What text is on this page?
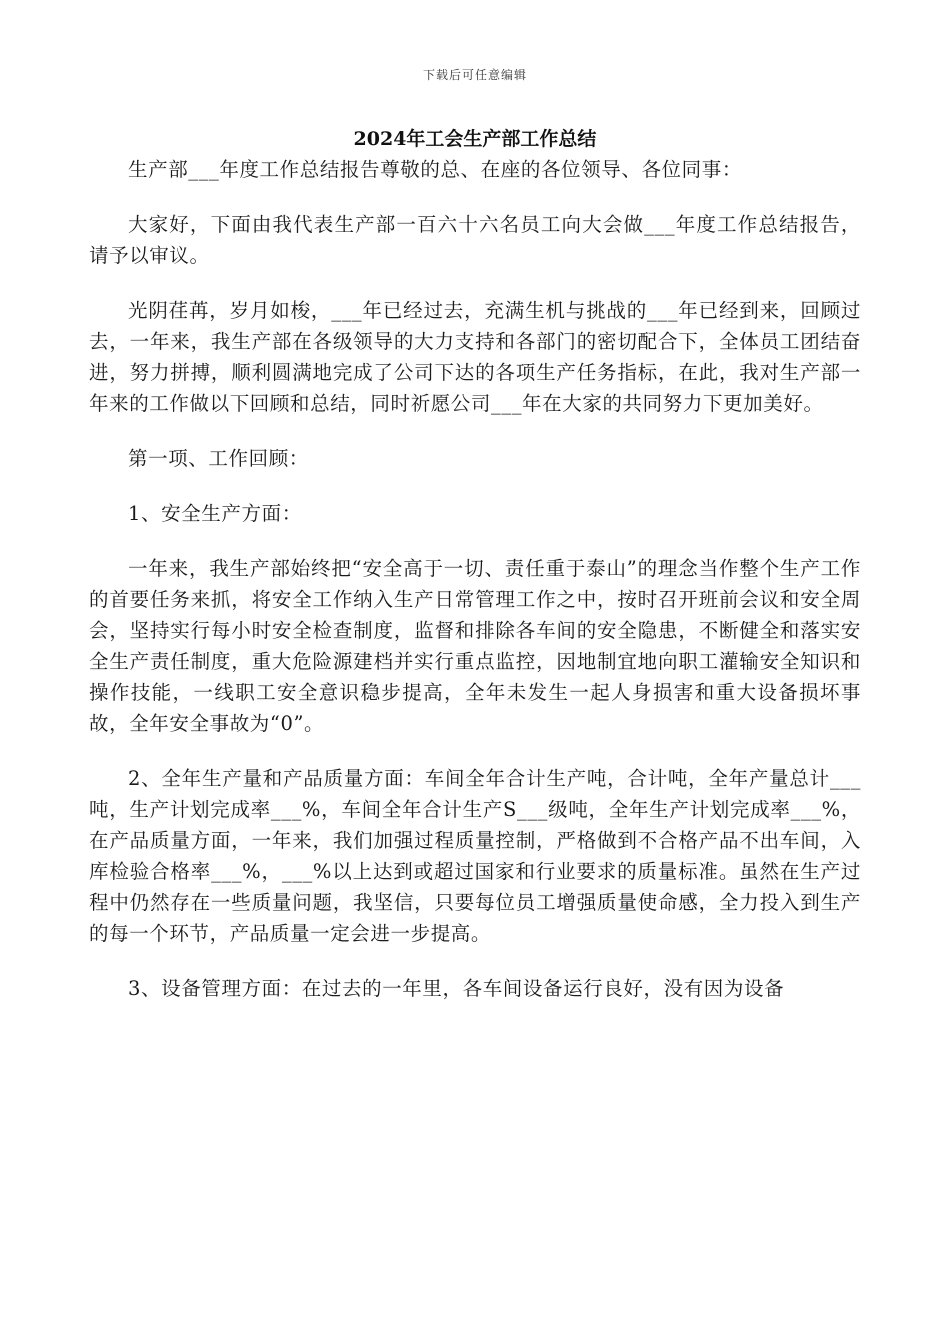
下载后可任意编辑
2024年工会生产部工作总结

生产部___年度工作总结报告尊敬的总、在座的各位领导、各位同事：

大家好，下面由我代表生产部一百六十六名员工向大会做___年度工作总结报告，请予以审议。

光阴荏苒，岁月如梭，___年已经过去，充满生机与挑战的___年已经到来，回顾过去，一年来，我生产部在各级领导的大力支持和各部门的密切配合下，全体员工团结奋进，努力拼搏，顺利圆满地完成了公司下达的各项生产任务指标，在此，我对生产部一年来的工作做以下回顾和总结，同时祈愿公司___年在大家的共同努力下更加美好。

第一项、工作回顾：

1、安全生产方面：

一年来，我生产部始终把“安全高于一切、责任重于泰山”的理念当作整个生产工作的首要任务来抓，将安全工作纳入生产日常管理工作之中，按时召开班前会议和安全周会，坚持实行每小时安全检查制度，监督和排除各车间的安全隐患，不断健全和落实安全生产责任制度，重大危险源建档并实行重点监控，因地制宜地向职工灌输安全知识和操作技能，一线职工安全意识稳步提高，全年未发生一起人身损害和重大设备损坏事故，全年安全事故为“0”。

2、全年生产量和产品质量方面：车间全年合计生产吨，合计吨，全年产量总计___吨，生产计划完成率___%，车间全年合计生产S___级吨，全年生产计划完成率___%，在产品质量方面，一年来，我们加强过程质量控制，严格做到不合格产品不出车间，入库检验合格率___%，___%以上达到或超过国家和行业要求的质量标准。虽然在生产过程中仍然存在一些质量问题，我坚信，只要每位员工增强质量使命感，全力投入到生产的每一个环节，产品质量一定会进一步提高。

3、设备管理方面：在过去的一年里，各车间设备运行良好，没有因为设备
